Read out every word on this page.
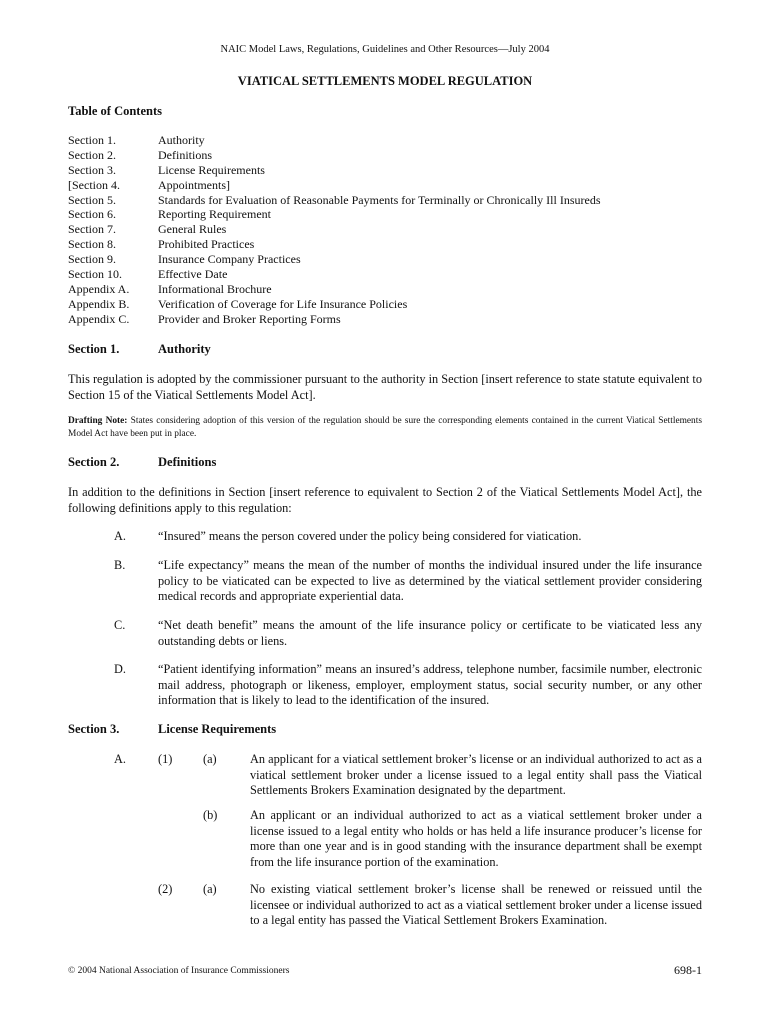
NAIC Model Laws, Regulations, Guidelines and Other Resources—July 2004
VIATICAL SETTLEMENTS MODEL REGULATION
Table of Contents
Section 1.	Authority
Section 2.	Definitions
Section 3.	License Requirements
[Section 4.	Appointments]
Section 5.	Standards for Evaluation of Reasonable Payments for Terminally or Chronically Ill Insureds
Section 6.	Reporting Requirement
Section 7.	General Rules
Section 8.	Prohibited Practices
Section 9.	Insurance Company Practices
Section 10.	Effective Date
Appendix A. Informational Brochure
Appendix B. Verification of Coverage for Life Insurance Policies
Appendix C. Provider and Broker Reporting Forms
Section 1.	Authority
This regulation is adopted by the commissioner pursuant to the authority in Section [insert reference to state statute equivalent to Section 15 of the Viatical Settlements Model Act].
Drafting Note: States considering adoption of this version of the regulation should be sure the corresponding elements contained in the current Viatical Settlements Model Act have been put in place.
Section 2.	Definitions
In addition to the definitions in Section [insert reference to equivalent to Section 2 of the Viatical Settlements Model Act], the following definitions apply to this regulation:
A.	“Insured” means the person covered under the policy being considered for viatication.
B.	“Life expectancy” means the mean of the number of months the individual insured under the life insurance policy to be viaticated can be expected to live as determined by the viatical settlement provider considering medical records and appropriate experiential data.
C.	“Net death benefit” means the amount of the life insurance policy or certificate to be viaticated less any outstanding debts or liens.
D.	“Patient identifying information” means an insured’s address, telephone number, facsimile number, electronic mail address, photograph or likeness, employer, employment status, social security number, or any other information that is likely to lead to the identification of the insured.
Section 3.	License Requirements
A.	(1) (a)	An applicant for a viatical settlement broker’s license or an individual authorized to act as a viatical settlement broker under a license issued to a legal entity shall pass the Viatical Settlements Brokers Examination designated by the department.
(b)	An applicant or an individual authorized to act as a viatical settlement broker under a license issued to a legal entity who holds or has held a life insurance producer’s license for more than one year and is in good standing with the insurance department shall be exempt from the life insurance portion of the examination.
(2) (a)	No existing viatical settlement broker’s license shall be renewed or reissued until the licensee or individual authorized to act as a viatical settlement broker under a license issued to a legal entity has passed the Viatical Settlement Brokers Examination.
© 2004 National Association of Insurance Commissioners	698-1
